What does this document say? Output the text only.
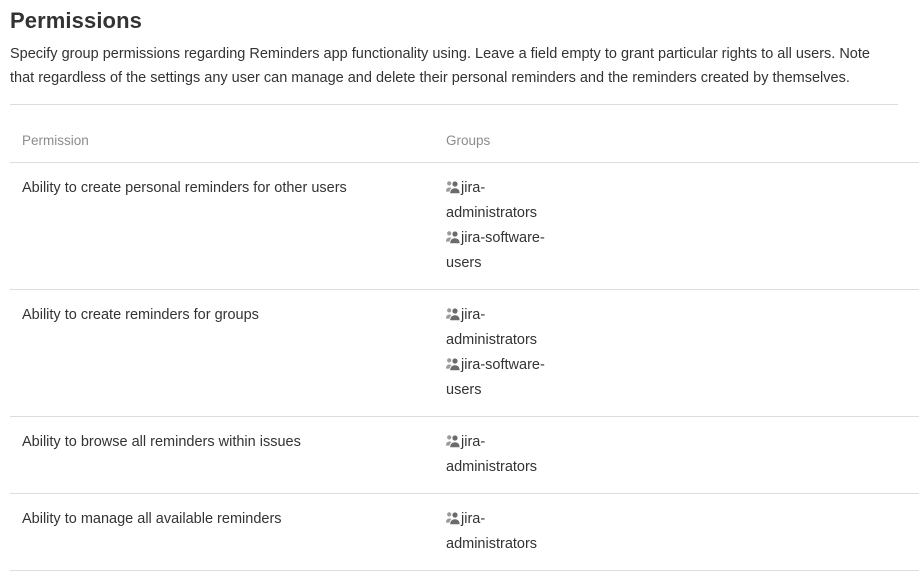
Permissions

Specify group permissions regarding Reminders app functionality using. Leave a field empty to grant particular rights to all users. Note that regardless of the settings any user can manage and delete their personal reminders and the reminders created by themselves.

Permission	Groups

Ability to create personal reminders for other users	jira-administrators
jira-software-users

Ability to create reminders for groups	jira-administrators
jira-software-users

Ability to browse all reminders within issues	jira-administrators

Ability to manage all available reminders	jira-administrators
